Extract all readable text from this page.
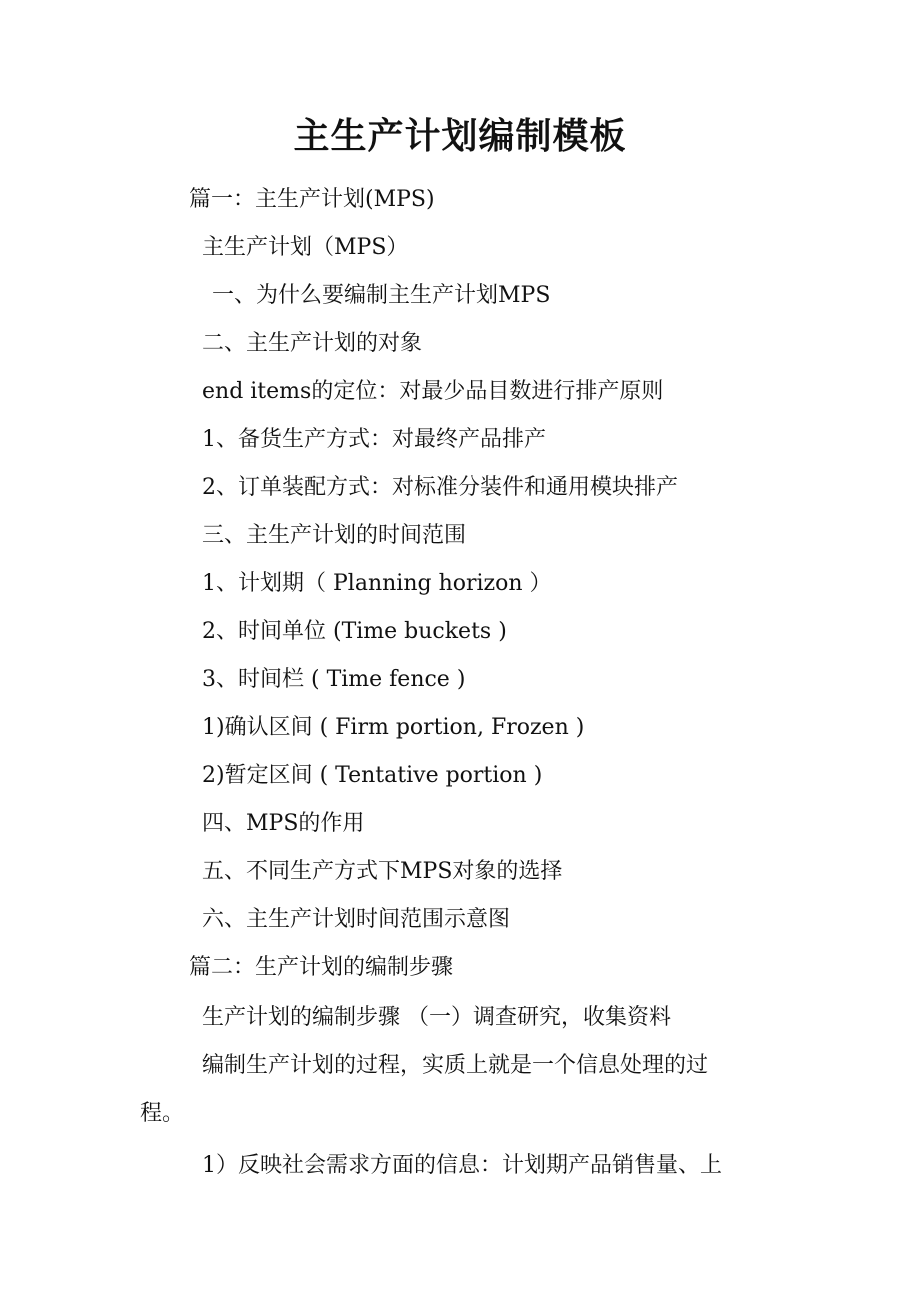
主生产计划编制模板
篇一：主生产计划(MPS)
主生产计划（MPS）
一、为什么要编制主生产计划MPS
二、主生产计划的对象
end items的定位：对最少品目数进行排产原则
1、备货生产方式：对最终产品排产
2、订单装配方式：对标准分装件和通用模块排产
三、主生产计划的时间范围
1、计划期（ Planning horizon ）
2、时间单位 (Time buckets )
3、时间栏 ( Time fence )
1)确认区间 ( Firm portion, Frozen )
2)暂定区间 ( Tentative portion )
四、MPS的作用
五、不同生产方式下MPS对象的选择
六、主生产计划时间范围示意图
篇二：生产计划的编制步骤
生产计划的编制步骤 （一）调查研究，收集资料
编制生产计划的过程，实质上就是一个信息处理的过
程。
1）反映社会需求方面的信息：计划期产品销售量、上
